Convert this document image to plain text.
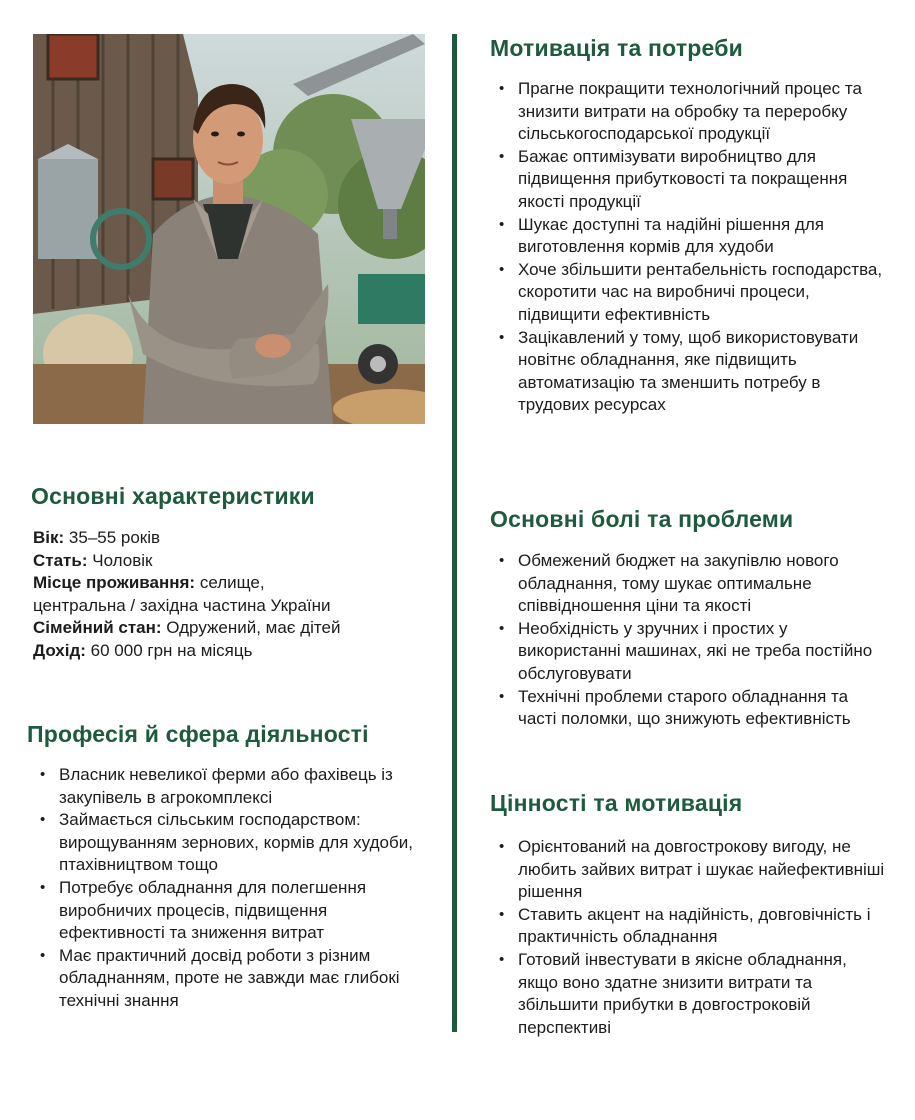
Основні характеристики
Вік: 35–55 років
Стать: Чоловік
Місце проживання: селище,
центральна / західна частина України
Сімейний стан: Одружений, має дітей
Дохід: 60 000 грн на місяць
Професія й сфера діяльності
• Власник невеликої ферми або фахівець із закупівель в агрокомплексі
• Займається сільським господарством: вирощуванням зернових, кормів для худоби, птахівництвом тощо
• Потребує обладнання для полегшення виробничих процесів, підвищення ефективності та зниження витрат
• Має практичний досвід роботи з різним обладнанням, проте не завжди має глибокі технічні знання
Мотивація та потреби
• Прагне покращити технологічний процес та знизити витрати на обробку та переробку сільськогосподарської продукції
• Бажає оптимізувати виробництво для підвищення прибутковості та покращення якості продукції
• Шукає доступні та надійні рішення для виготовлення кормів для худоби
• Хоче збільшити рентабельність господарства, скоротити час на виробничі процеси, підвищити ефективність
• Зацікавлений у тому, щоб використовувати новітнє обладнання, яке підвищить автоматизацію та зменшить потребу в трудових ресурсах
Основні болі та проблеми
• Обмежений бюджет на закупівлю нового обладнання, тому шукає оптимальне співвідношення ціни та якості
• Необхідність у зручних і простих у використанні машинах, які не треба постійно обслуговувати
• Технічні проблеми старого обладнання та часті поломки, що знижують ефективність
Цінності та мотивація
• Орієнтований на довгострокову вигоду, не любить зайвих витрат і шукає найефективніші рішення
• Ставить акцент на надійність, довговічність і практичність обладнання
• Готовий інвестувати в якісне обладнання, якщо воно здатне знизити витрати та збільшити прибутки в довгостроковій перспективі
